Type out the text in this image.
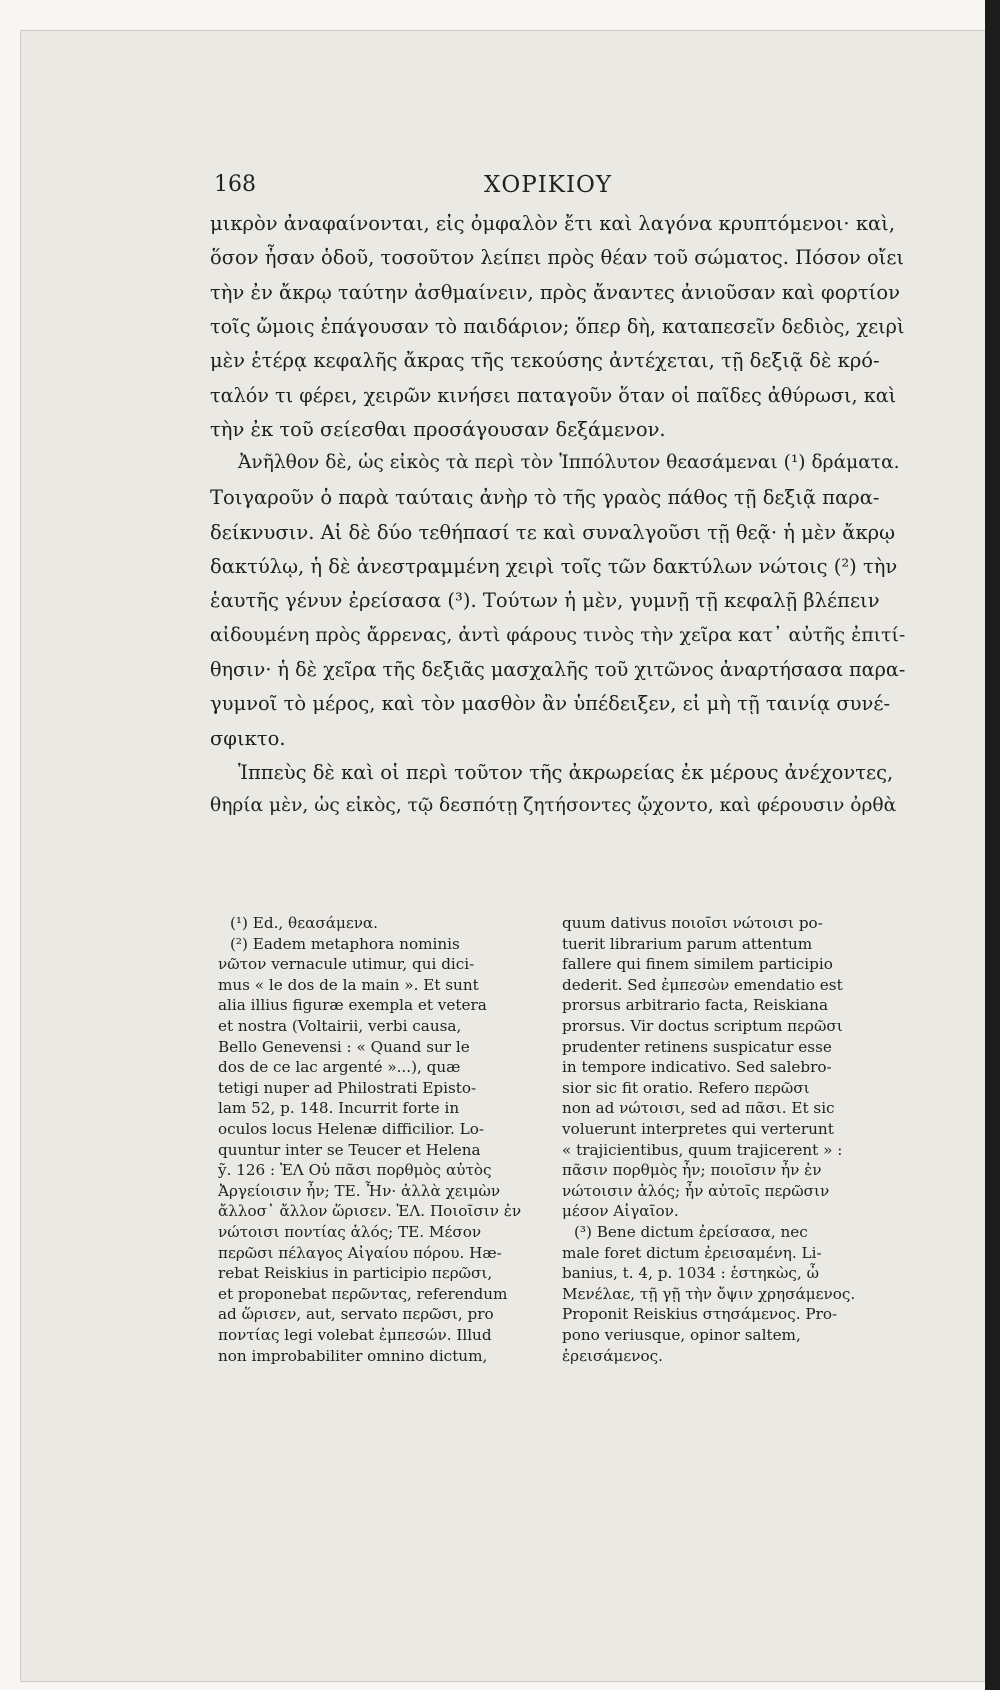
168	ΧΟΡΙΚΙΟΥ
μικρὸν ἀναφαίνονται, εἰς ὀμφαλὸν ἔτι καὶ λαγόνα κρυπτόμενοι· καὶ,
ὅσον ἦσαν ὁδοῦ, τοσοῦτον λείπει πρὸς θέαν τοῦ σώματος. Πόσον οἴει
τὴν ἐν ἄκρῳ ταύτην ἀσθμαίνειν, πρὸς ἄναντες ἀνιοῦσαν καὶ φορτίον
τοῖς ὤμοις ἐπάγουσαν τὸ παιδάριον; ὅπερ δὴ, καταπεσεῖν δεδιὸς, χειρὶ
μὲν ἑτέρᾳ κεφαλῆς ἄκρας τῆς τεκούσης ἀντέχεται, τῇ δεξιᾷ δὲ κρό-
ταλόν τι φέρει, χειρῶν κινήσει παταγοῦν ὅταν οἱ παῖδες ἀθύρωσι, καὶ
τὴν ἐκ τοῦ σείεσθαι προσάγουσαν δεξάμενον.
Ἀνῆλθον δὲ, ὡς εἰκὸς τὰ περὶ τὸν Ἱππόλυτον θεασάμεναι (¹) δράματα.
Τοιγαροῦν ὁ παρὰ ταύταις ἀνὴρ τὸ τῆς γραὸς πάθος τῇ δεξιᾷ παρα-
δείκνυσιν. Αἱ δὲ δύο τεθήπασί τε καὶ συναλγοῦσι τῇ θεᾷ· ἡ μὲν ἄκρῳ
δακτύλῳ, ἡ δὲ ἀνεστραμμένη χειρὶ τοῖς τῶν δακτύλων νώτοις (²) τὴν
ἑαυτῆς γένυν ἐρείσασα (³). Τούτων ἡ μὲν, γυμνῇ τῇ κεφαλῇ βλέπειν
αἰδουμένη πρὸς ἄρρενας, ἀντὶ φάρους τινὸς τὴν χεῖρα κατ᾽ αὐτῆς ἐπιτί-
θησιν· ἡ δὲ χεῖρα τῆς δεξιᾶς μασχαλῆς τοῦ χιτῶνος ἀναρτήσασα παρα-
γυμνοῖ τὸ μέρος, καὶ τὸν μασθὸν ἂν ὑπέδειξεν, εἰ μὴ τῇ ταινίᾳ συνέ-
σφικτο.
Ἱππεὺς δὲ καὶ οἱ περὶ τοῦτον τῆς ἀκρωρείας ἐκ μέρους ἀνέχοντες,
θηρία μὲν, ὡς εἰκὸς, τῷ δεσπότῃ ζητήσοντες ᾤχοντο, καὶ φέρουσιν ὀρθὰ
(¹) Ed., θεασάμενα.
(²) Eadem metaphora nominis
νῶτον vernacule utimur, qui dici-
mus « le dos de la main ». Et sunt
alia illius figuræ exempla et vetera
et nostra (Voltairii, verbi causa,
Bello Genevensi : « Quand sur le
dos de ce lac argenté »...), quæ
tetigi nuper ad Philostrati Episto-
lam 52, p. 148. Incurrit forte in
oculos locus Helenæ difficilior. Lo-
quuntur inter se Teucer et Helena
ỹ. 126 : ἙΛ Οὐ πᾶσι πορθμὸς αὐτὸς
Ἀργείοισιν ἦν; ΤΕ. Ἦν· ἀλλὰ χειμὼν
ἄλλοσ᾽ ἄλλον ὥρισεν. ἙΛ. Ποιοῖσιν ἐν
νώτοισι ποντίας ἁλός; ΤΕ. Μέσον
περῶσι πέλαγος Αἰγαίου πόρου. Hæ-
rebat Reiskius in participio περῶσι,
et proponebat περῶντας, referendum
ad ὥρισεν, aut, servato περῶσι, pro
ποντίας legi volebat ἐμπεσών. Illud
non improbabiliter omnino dictum,
quum dativus ποιοῖσι νώτοισι po-
tuerit librarium parum attentum
fallere qui finem similem participio
dederit. Sed ἐμπεσὼν emendatio est
prorsus arbitrario facta, Reiskiana
prorsus. Vir doctus scriptum περῶσι
prudenter retinens suspicatur esse
in tempore indicativo. Sed salebro-
sior sic fit oratio. Refero περῶσι
non ad νώτοισι, sed ad πᾶσι. Et sic
voluerunt interpretes qui verterunt
« trajicientibus, quum trajicerent » :
πᾶσιν πορθμὸς ἦν; ποιοῖσιν ἦν ἐν
νώτοισιν ἁλός; ἦν αὐτοῖς περῶσιν
μέσον Αἰγαῖον.
(³) Bene dictum ἐρείσασα, nec
male foret dictum ἐρεισαμένη. Li-
banius, t. 4, p. 1034 : ἑστηκὼς, ὦ
Μενέλαε, τῇ γῇ τὴν ὄψιν χρησάμενος.
Proponit Reiskius στησάμενος. Pro-
pono veriusque, opinor saltem,
ἐρεισάμενος.
